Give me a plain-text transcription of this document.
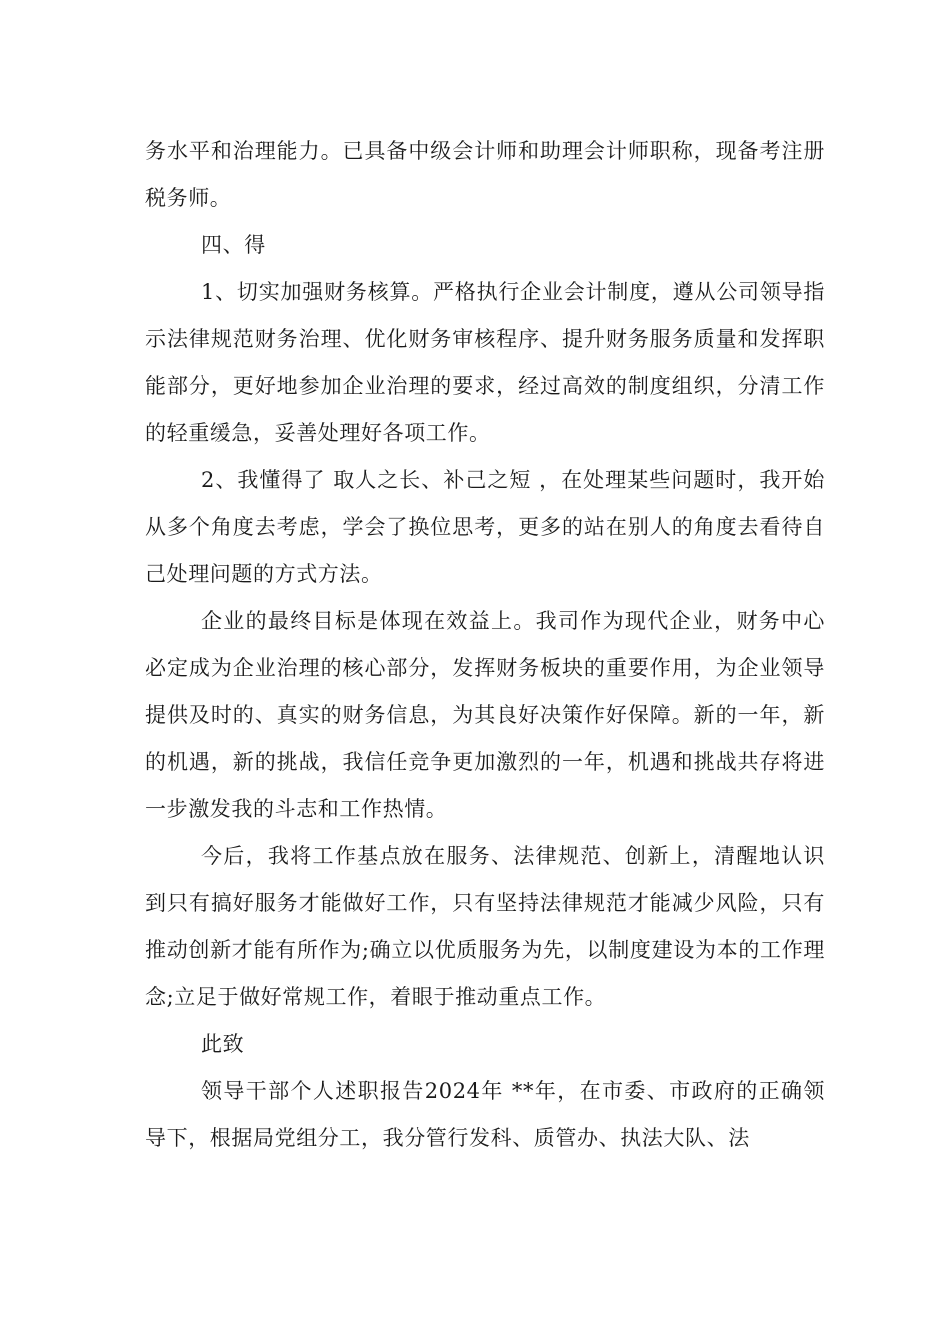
务水平和治理能力。已具备中级会计师和助理会计师职称，现备考注册税务师。

四、得

1、切实加强财务核算。严格执行企业会计制度，遵从公司领导指示法律规范财务治理、优化财务审核程序、提升财务服务质量和发挥职能部分，更好地参加企业治理的要求，经过高效的制度组织，分清工作的轻重缓急，妥善处理好各项工作。

2、我懂得了 取人之长、补己之短 ，在处理某些问题时，我开始从多个角度去考虑，学会了换位思考，更多的站在别人的角度去看待自己处理问题的方式方法。

企业的最终目标是体现在效益上。我司作为现代企业，财务中心必定成为企业治理的核心部分，发挥财务板块的重要作用，为企业领导提供及时的、真实的财务信息，为其良好决策作好保障。新的一年，新的机遇，新的挑战，我信任竞争更加激烈的一年，机遇和挑战共存将进一步激发我的斗志和工作热情。

今后，我将工作基点放在服务、法律规范、创新上，清醒地认识到只有搞好服务才能做好工作，只有坚持法律规范才能减少风险，只有推动创新才能有所作为;确立以优质服务为先，以制度建设为本的工作理念;立足于做好常规工作，着眼于推动重点工作。

此致

领导干部个人述职报告2024年 **年，在市委、市政府的正确领导下，根据局党组分工，我分管行发科、质管办、执法大队、法
